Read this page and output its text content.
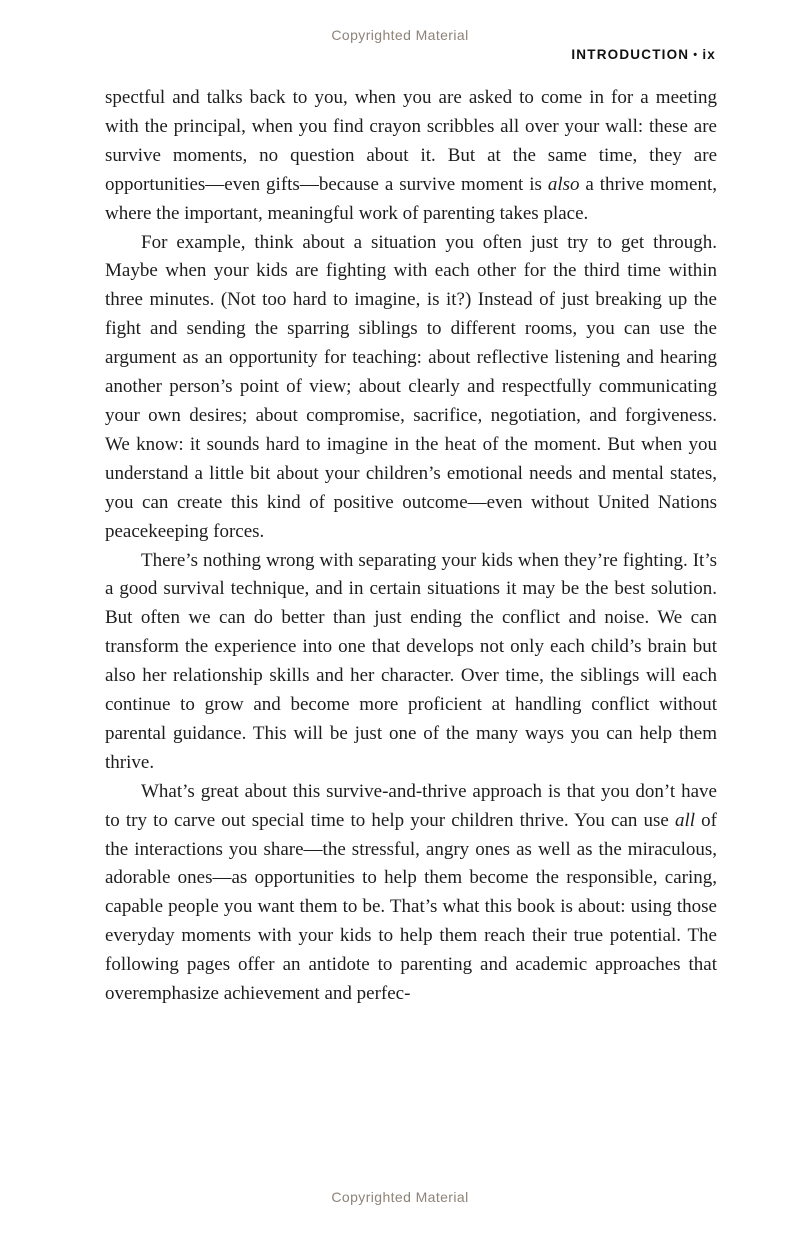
Copyrighted Material
INTRODUCTION • ix

spectful and talks back to you, when you are asked to come in for a meeting with the principal, when you find crayon scribbles all over your wall: these are survive moments, no question about it. But at the same time, they are opportunities—even gifts—because a survive moment is also a thrive moment, where the important, meaningful work of parenting takes place.

For example, think about a situation you often just try to get through. Maybe when your kids are fighting with each other for the third time within three minutes. (Not too hard to imagine, is it?) Instead of just breaking up the fight and sending the sparring siblings to different rooms, you can use the argument as an opportunity for teaching: about reflective listening and hearing another person’s point of view; about clearly and respectfully communicating your own desires; about compromise, sacrifice, negotiation, and forgiveness. We know: it sounds hard to imagine in the heat of the moment. But when you understand a little bit about your children’s emotional needs and mental states, you can create this kind of positive outcome—even without United Nations peacekeeping forces.

There’s nothing wrong with separating your kids when they’re fighting. It’s a good survival technique, and in certain situations it may be the best solution. But often we can do better than just ending the conflict and noise. We can transform the experience into one that develops not only each child’s brain but also her relationship skills and her character. Over time, the siblings will each continue to grow and become more proficient at handling conflict without parental guidance. This will be just one of the many ways you can help them thrive.

What’s great about this survive-and-thrive approach is that you don’t have to try to carve out special time to help your children thrive. You can use all of the interactions you share—the stressful, angry ones as well as the miraculous, adorable ones—as opportunities to help them become the responsible, caring, capable people you want them to be. That’s what this book is about: using those everyday moments with your kids to help them reach their true potential. The following pages offer an antidote to parenting and academic approaches that overemphasize achievement and perfec-

Copyrighted Material
